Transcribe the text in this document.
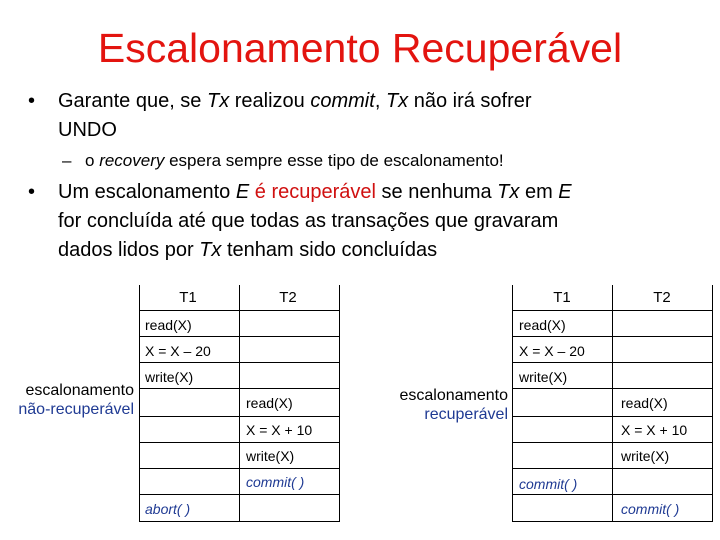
Escalonamento Recuperável
• Garante que, se Tx realizou commit, Tx não irá sofrer
UNDO
– o recovery espera sempre esse tipo de escalonamento!
• Um escalonamento E é recuperável se nenhuma Tx em E
for concluída até que todas as transações que gravaram
dados lidos por Tx tenham sido concluídas
escalonamento
não-recuperável
T1	T2
read(X)
X = X – 20
write(X)
read(X)
X = X + 10
write(X)
commit( )
abort( )
escalonamento
recuperável
T1	T2
read(X)
X = X – 20
write(X)
read(X)
X = X + 10
write(X)
commit( )
commit( )
